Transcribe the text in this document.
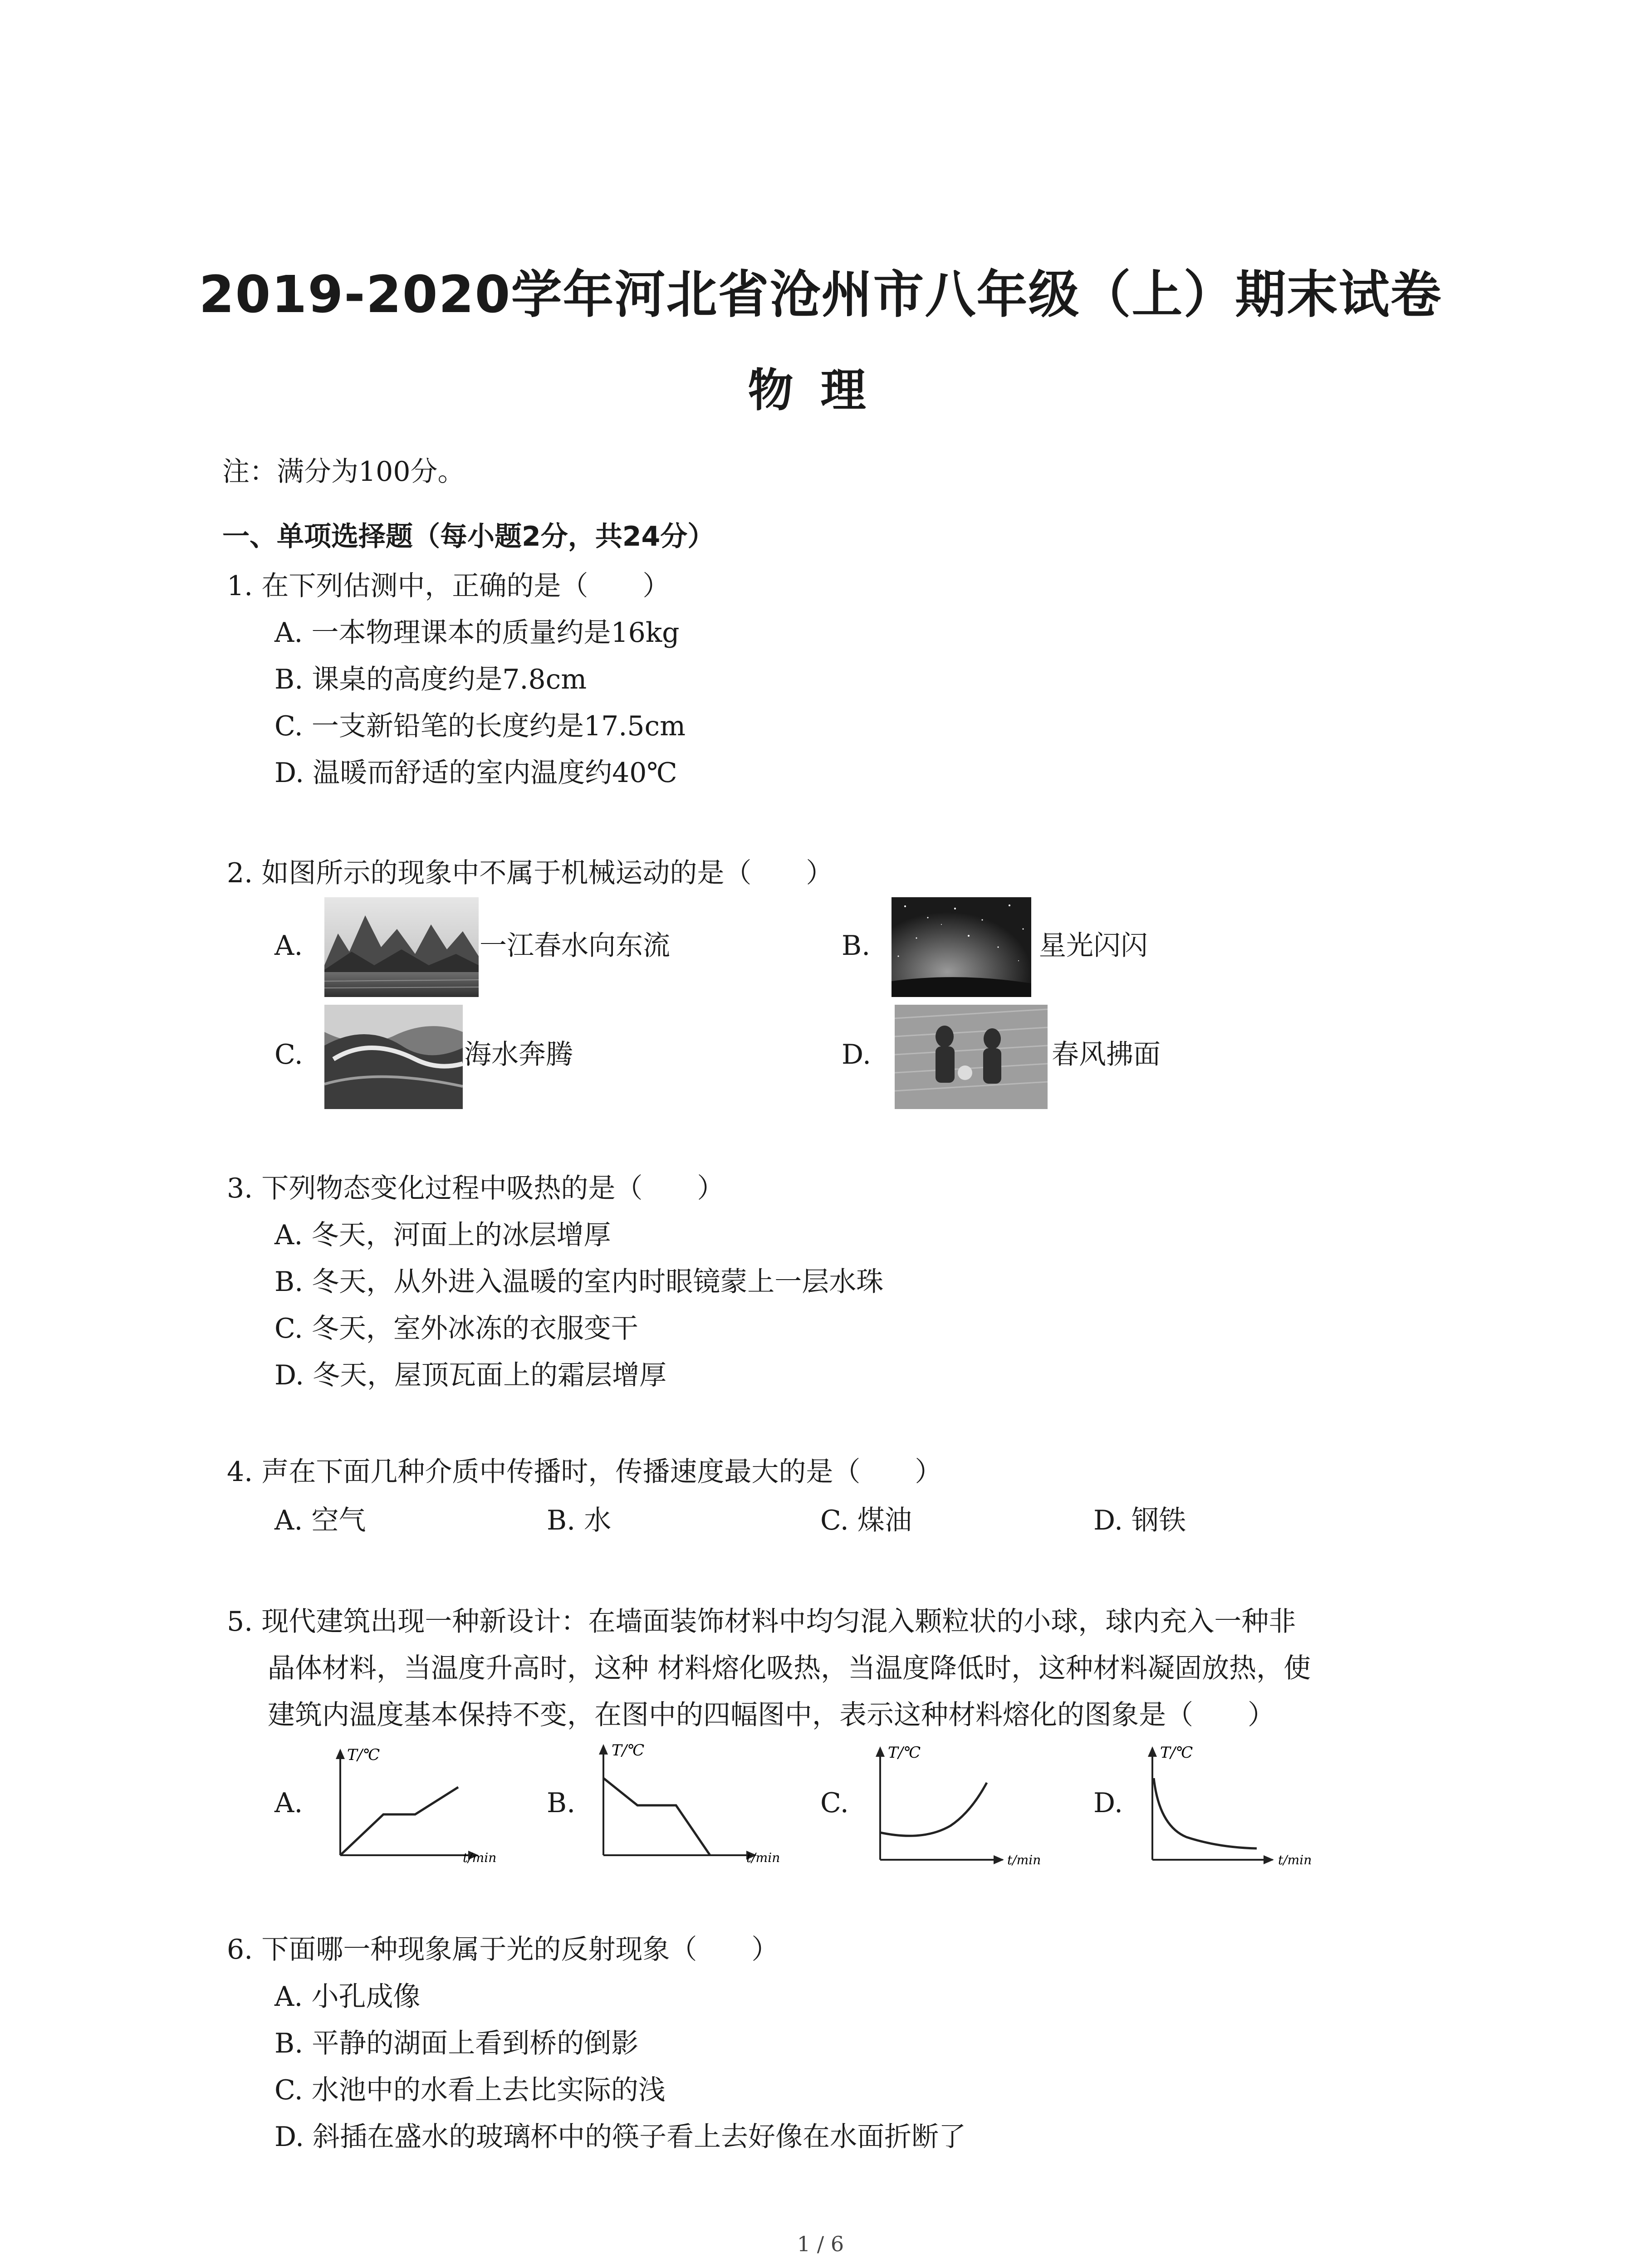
2019-2020学年河北省沧州市八年级（上）期末试卷
物理
注：满分为100分。
一、单项选择题（每小题2分，共24分）
1. 在下列估测中，正确的是（　　）
A. 一本物理课本的质量约是16kg
B. 课桌的高度约是7.8cm
C. 一支新铅笔的长度约是17.5cm
D. 温暖而舒适的室内温度约40℃
2. 如图所示的现象中不属于机械运动的是（　　）
A.	一江春水向东流	B.	星光闪闪
C.	海水奔腾	D.	春风拂面
3. 下列物态变化过程中吸热的是（　　）
A. 冬天，河面上的冰层增厚
B. 冬天，从外进入温暖的室内时眼镜蒙上一层水珠
C. 冬天，室外冰冻的衣服变干
D. 冬天，屋顶瓦面上的霜层增厚
4. 声在下面几种介质中传播时，传播速度最大的是（　　）
A. 空气	B. 水	C. 煤油	D. 钢铁
5. 现代建筑出现一种新设计：在墙面装饰材料中均匀混入颗粒状的小球，球内充入一种非
晶体材料，当温度升高时，这种 材料熔化吸热，当温度降低时，这种材料凝固放热，使
建筑内温度基本保持不变，在图中的四幅图中，表示这种材料熔化的图象是（　　）
A.	B.	C.	D.
T/℃
t/min
T/℃
t/min
T/℃
t/min
T/℃
t/min
6. 下面哪一种现象属于光的反射现象（　　）
A. 小孔成像
B. 平静的湖面上看到桥的倒影
C. 水池中的水看上去比实际的浅
D. 斜插在盛水的玻璃杯中的筷子看上去好像在水面折断了
1 / 6
